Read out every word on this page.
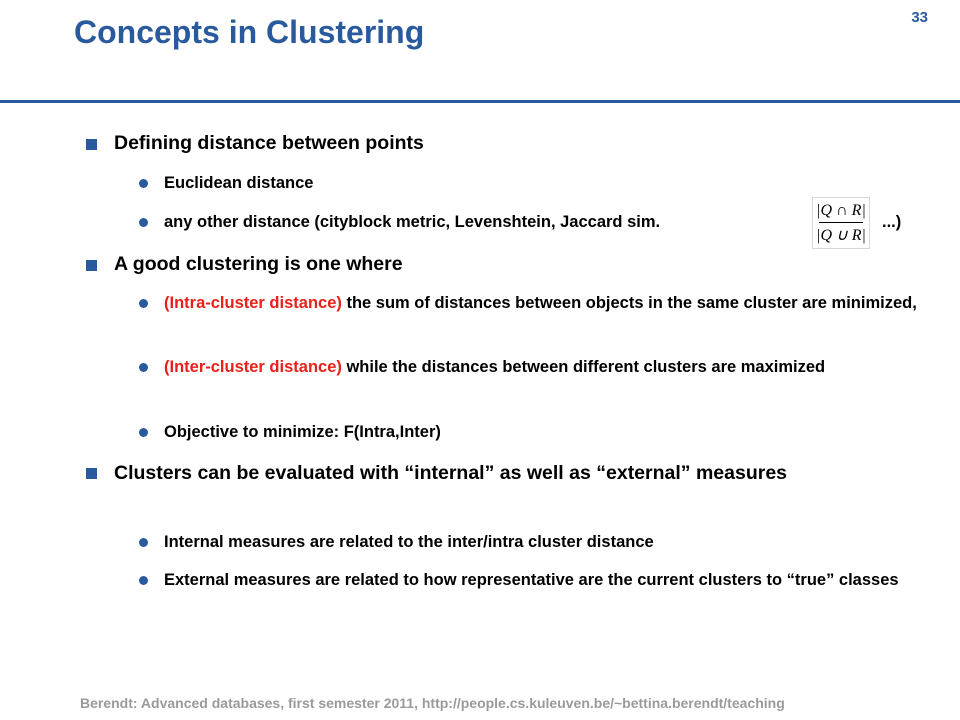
Concepts in Clustering	33
Defining distance between points
Euclidean distance
any other distance (cityblock metric, Levenshtein, Jaccard sim.
|Q ∩ R|
|Q ∪ R|
...)
A good clustering is one where
(Intra-cluster distance) the sum of distances between objects in the same cluster are minimized,
(Inter-cluster distance) while the distances between different clusters are maximized
Objective to minimize: F(Intra,Inter)
Clusters can be evaluated with “internal” as well as “external” measures
Internal measures are related to the inter/intra cluster distance
External measures are related to how representative are the current clusters to “true” classes
Berendt: Advanced databases, first semester 2011, http://people.cs.kuleuven.be/~bettina.berendt/teaching
